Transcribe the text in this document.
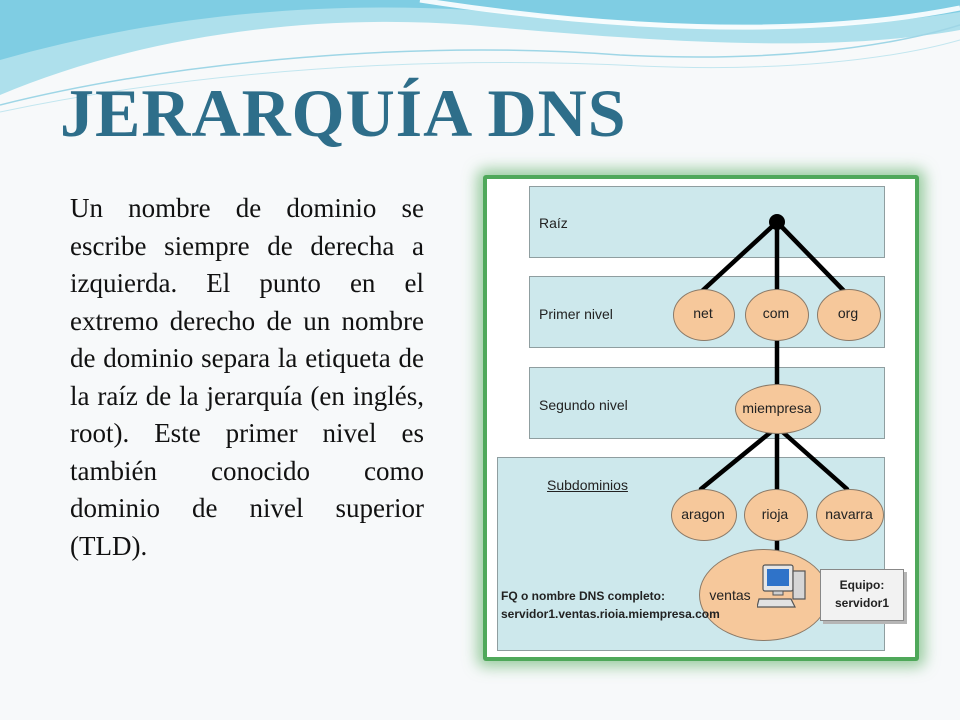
JERARQUÍA DNS

Un nombre de dominio se escribe siempre de derecha a izquierda. El punto en el extremo derecho de un nombre de dominio separa la etiqueta de la raíz de la jerarquía (en inglés, root). Este primer nivel es también conocido como dominio de nivel superior (TLD).

Raíz
Primer nivel
Segundo nivel
Subdominios
net	com	org
miempresa
aragon	rioja	navarra
ventas
FQ o nombre DNS completo:
servidor1.ventas.rioia.miempresa.com
Equipo:
servidor1
